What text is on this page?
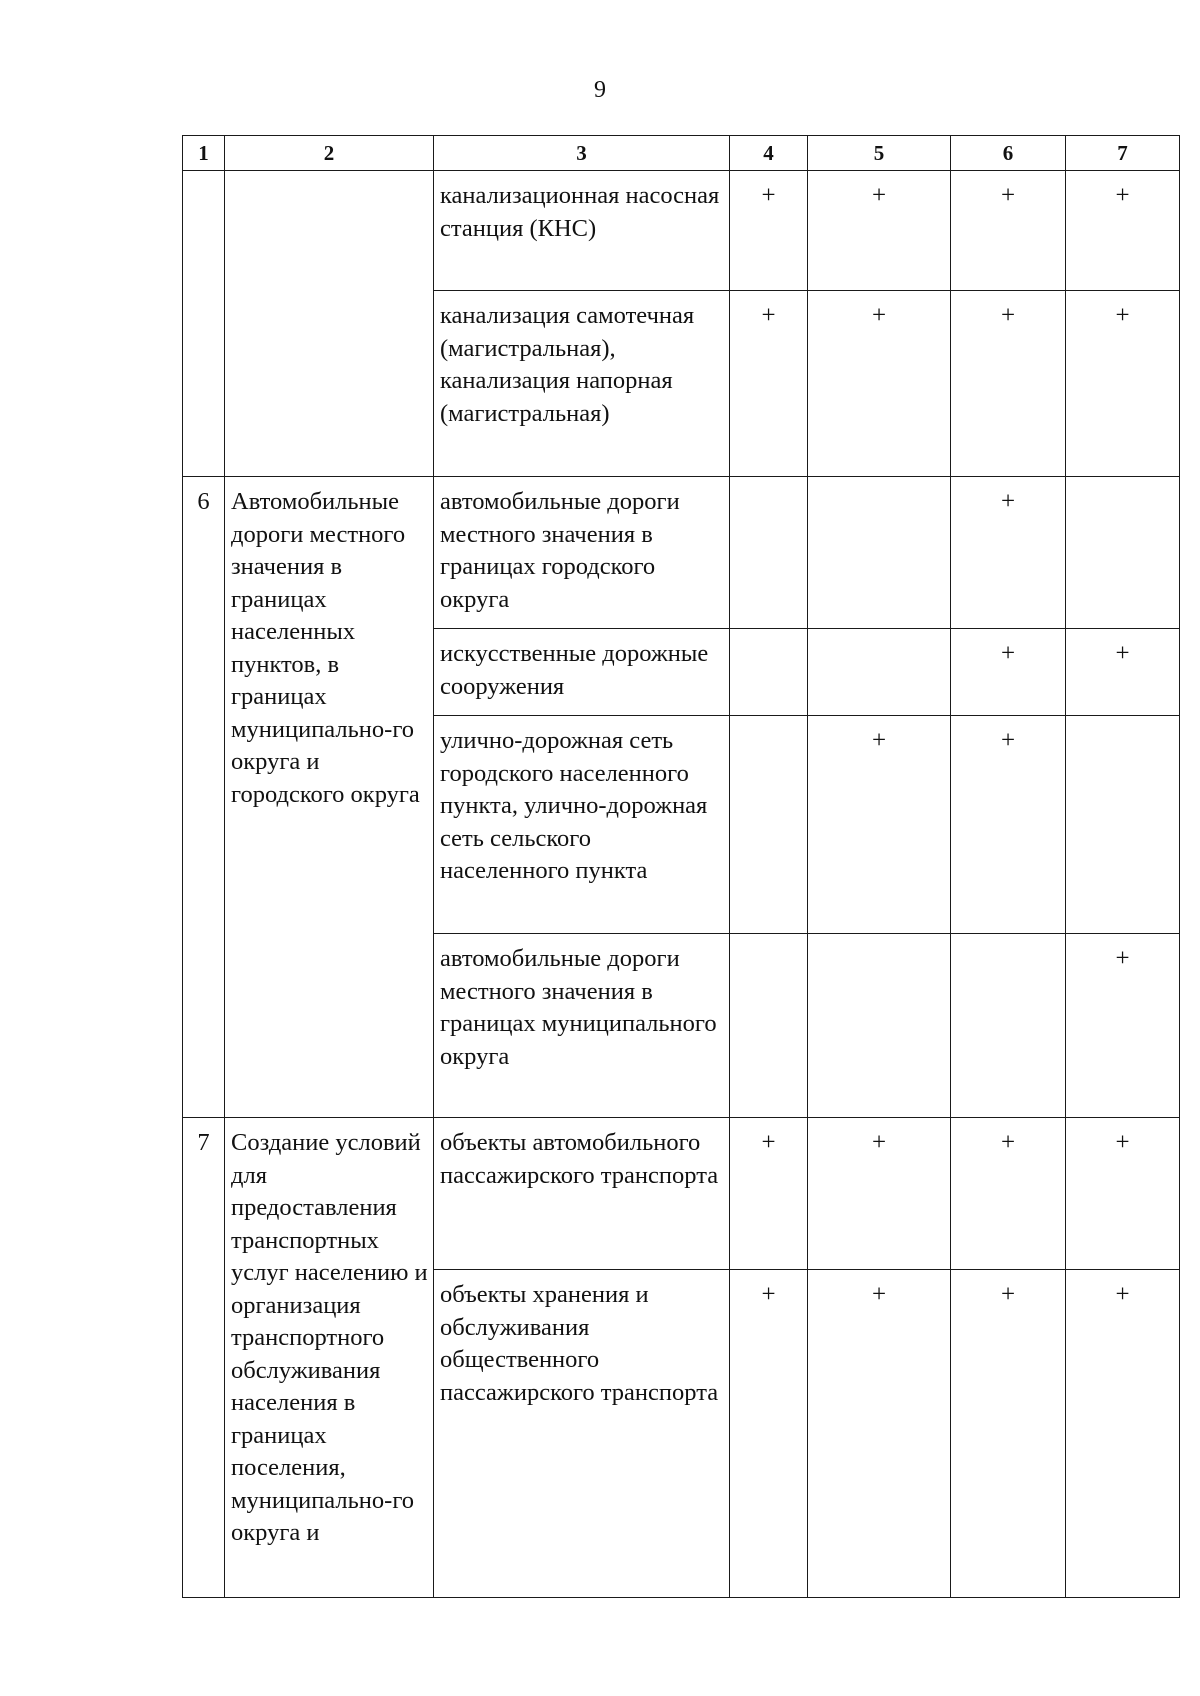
9
1	2	3	4	5	6	7
		канализационная насосная станция (КНС)	+	+	+	+
		канализация самотечная (магистральная), канализация напорная (магистральная)	+	+	+	+
6	Автомобильные дороги местного значения в границах населенных пунктов, в границах муниципально-го округа и городского округа	автомобильные дороги местного значения в границах городского округа			+	
		искусственные дорожные сооружения			+	+
		улично-дорожная сеть городского населенного пункта, улично-дорожная сеть сельского населенного пункта		+	+	
		автомобильные дороги местного значения в границах муниципального округа				+
7	Создание условий для предоставления транспортных услуг населению и организация транспортного обслуживания населения в границах поселения, муниципально-го округа и	объекты автомобильного пассажирского транспорта	+	+	+	+
		объекты хранения и обслуживания общественного пассажирского транспорта	+	+	+	+
